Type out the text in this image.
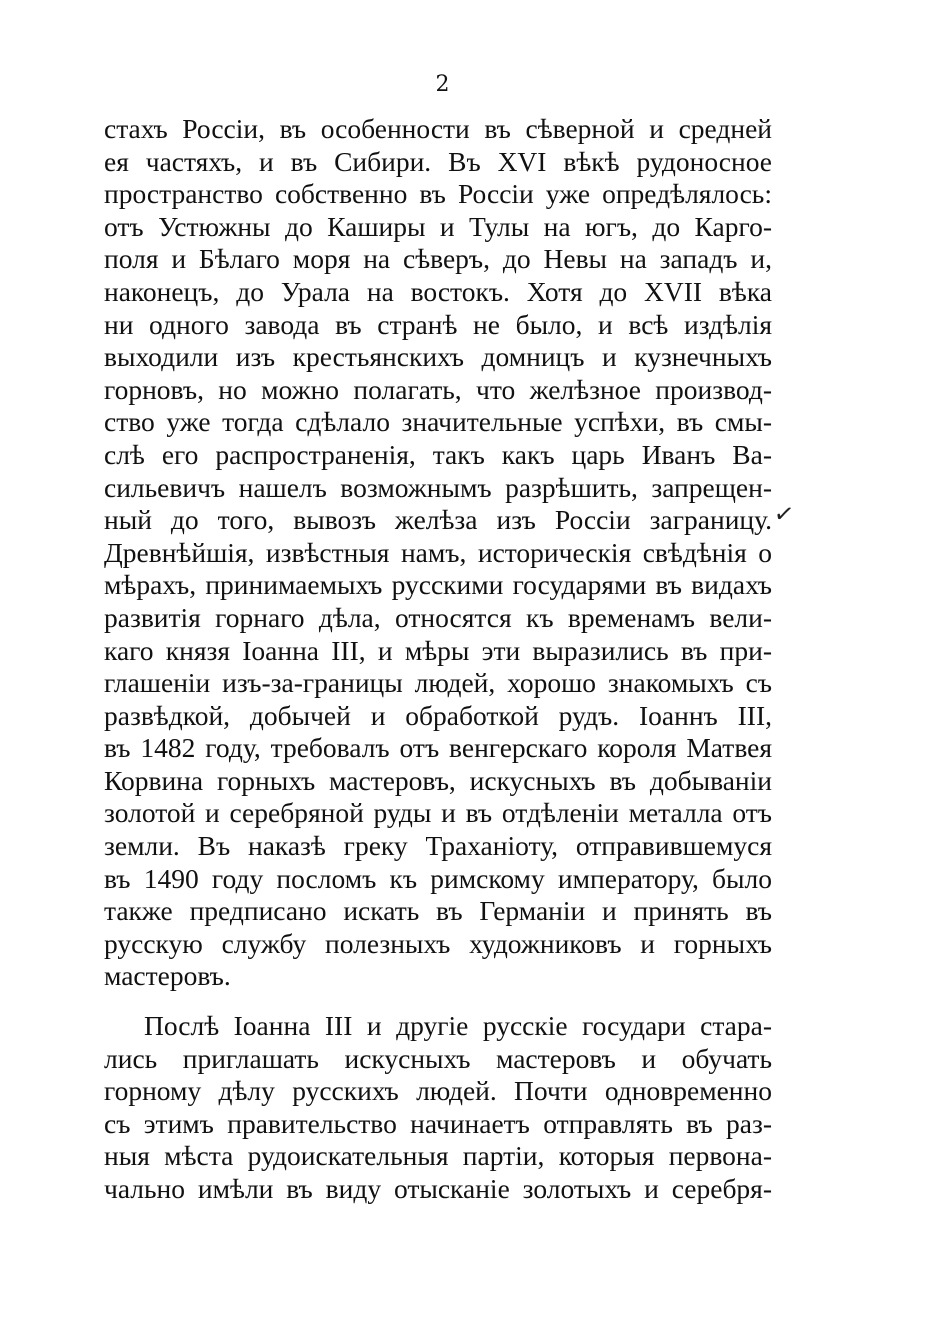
2
стахъ Россіи, въ особенности въ сѣверной и средней
ея частяхъ, и въ Сибири. Въ XVI вѣкѣ рудоносное
пространство собственно въ Россіи уже опредѣлялось:
отъ Устюжны до Каширы и Тулы на югъ, до Карго-
поля и Бѣлаго моря на сѣверъ, до Невы на западъ и,
наконецъ, до Урала на востокъ. Хотя до XVII вѣка
ни одного завода въ странѣ не было, и всѣ издѣлія
выходили изъ крестьянскихъ домницъ и кузнечныхъ
горновъ, но можно полагать, что желѣзное производ-
ство уже тогда сдѣлало значительные успѣхи, въ смы-
слѣ его распространенія, такъ какъ царь Иванъ Ва-
сильевичъ нашелъ возможнымъ разрѣшить, запрещен-
ный до того, вывозъ желѣза изъ Россіи заграницу.
Древнѣйшія, извѣстныя намъ, историческія свѣдѣнія о
мѣрахъ, принимаемыхъ русскими государями въ видахъ
развитія горнаго дѣла, относятся къ временамъ вели-
каго князя Іоанна III, и мѣры эти выразились въ при-
глашеніи изъ-за-границы людей, хорошо знакомыхъ съ
развѣдкой, добычей и обработкой рудъ. Іоаннъ III,
въ 1482 году, требовалъ отъ венгерскаго короля Матвея
Корвина горныхъ мастеровъ, искусныхъ въ добываніи
золотой и серебряной руды и въ отдѣленіи металла отъ
земли. Въ наказѣ греку Траханіоту, отправившемуся
въ 1490 году посломъ къ римскому императору, было
также предписано искать въ Германіи и принять въ
русскую службу полезныхъ художниковъ и горныхъ
мастеровъ.
Послѣ Іоанна III и другіе русскіе государи стара-
лись приглашать искусныхъ мастеровъ и обучать
горному дѣлу русскихъ людей. Почти одновременно
съ этимъ правительство начинаетъ отправлять въ раз-
ныя мѣста рудоискательныя партіи, которыя первона-
чально имѣли въ виду отысканіе золотыхъ и серебря-
✓
